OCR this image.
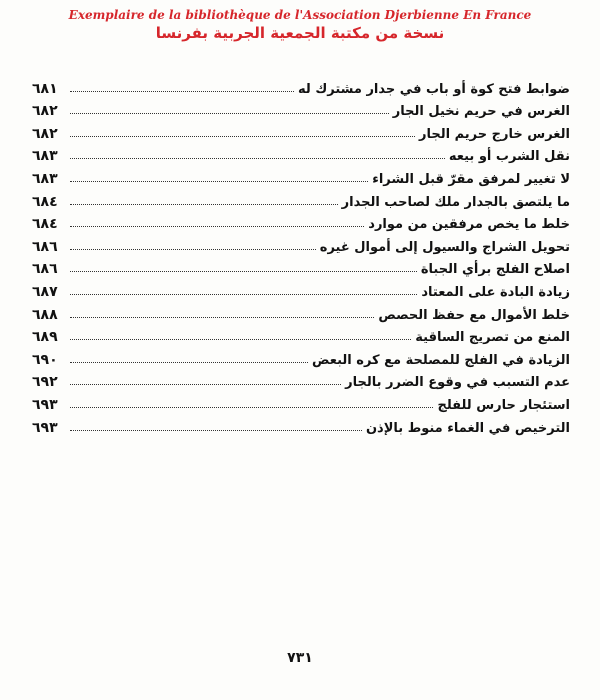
Exemplaire de la bibliothèque de l'Association Djerbienne En France
نسخة من مكتبة الجمعية الجربية بفرنسا
٦٨١	ضوابط فتح كوة أو باب في جدار مشترك له
٦٨٢	الغرس في حريم نخيل الجار
٦٨٢	الغرس خارج حريم الجار
٦٨٣	نقل الشرب أو بيعه
٦٨٣	لا تغيير لمرفق مقرّ قبل الشراء
٦٨٤	ما يلتصق بالجدار ملك لصاحب الجدار
٦٨٤	خلط ما يخص مرفقين من موارد
٦٨٦	تحويل الشراج والسيول إلى أموال غيره
٦٨٦	اصلاح الفلج برأي الجباة
٦٨٧	زيادة البادة على المعتاد
٦٨٨	خلط الأموال مع حفظ الحصص
٦٨٩	المنع من تصريج الساقية
٦٩٠	الزيادة في الفلج للمصلحة مع كره البعض
٦٩٢	عدم التسبب في وقوع الضرر بالجار
٦٩٣	استئجار حارس للفلج
٦٩٣	الترخيص في الغماء منوط بالإذن
٧٣١
